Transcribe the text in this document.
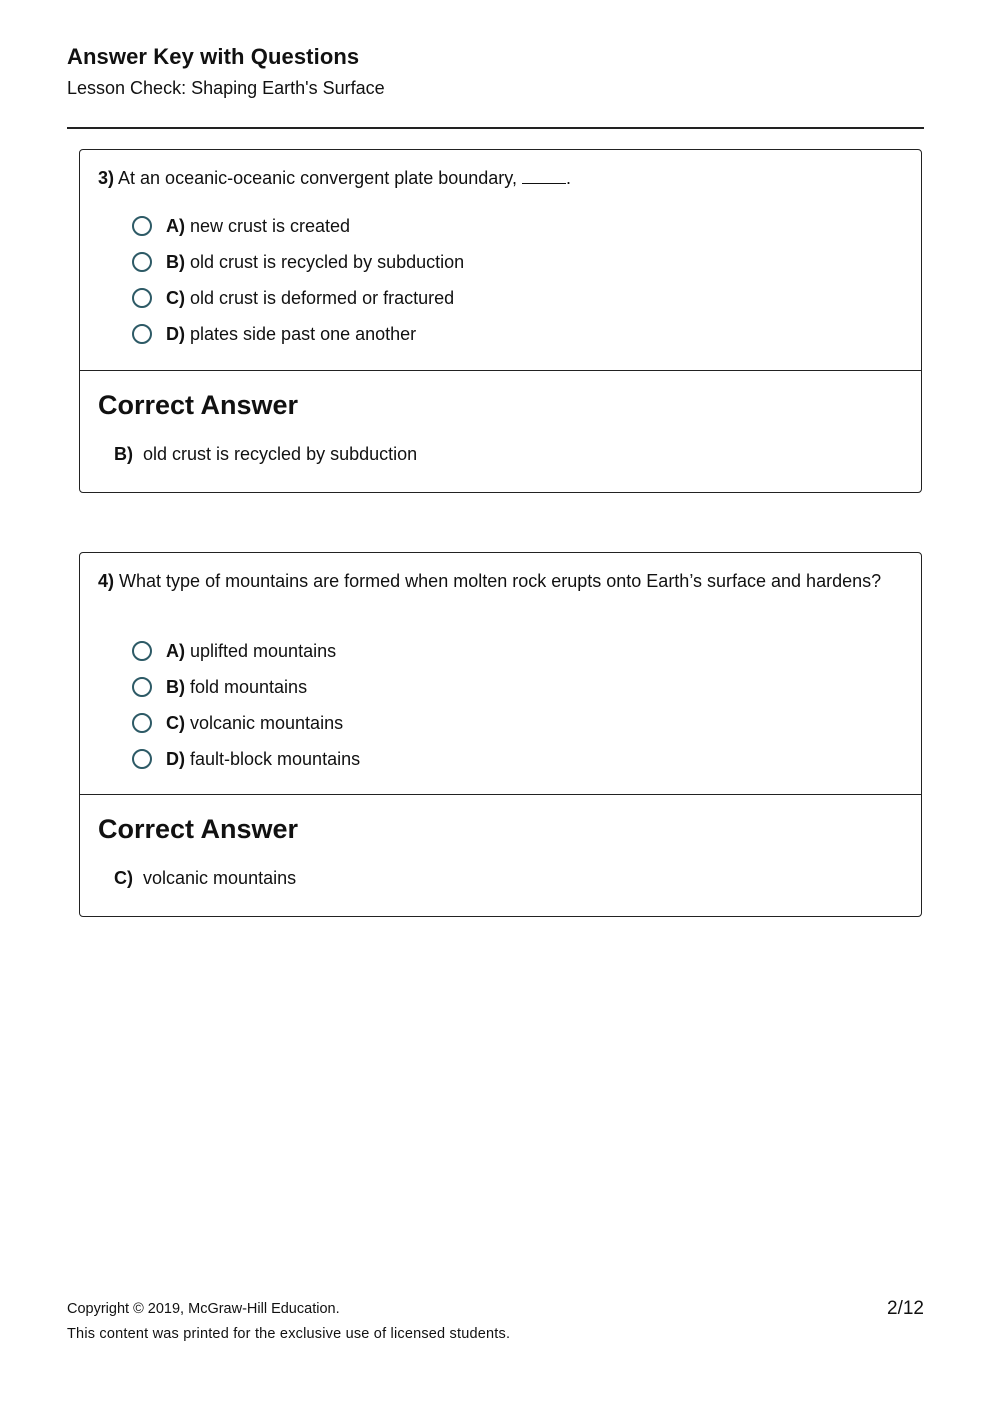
Answer Key with Questions
Lesson Check: Shaping Earth's Surface
3) At an oceanic-oceanic convergent plate boundary,	.
A) new crust is created
B) old crust is recycled by subduction
C) old crust is deformed or fractured
D) plates side past one another
Correct Answer
B) old crust is recycled by subduction
4) What type of mountains are formed when molten rock erupts onto Earth’s surface and hardens?
A) uplifted mountains
B) fold mountains
C) volcanic mountains
D) fault-block mountains
Correct Answer
C) volcanic mountains
Copyright © 2019, McGraw-Hill Education.
This content was printed for the exclusive use of licensed students.
2/12
